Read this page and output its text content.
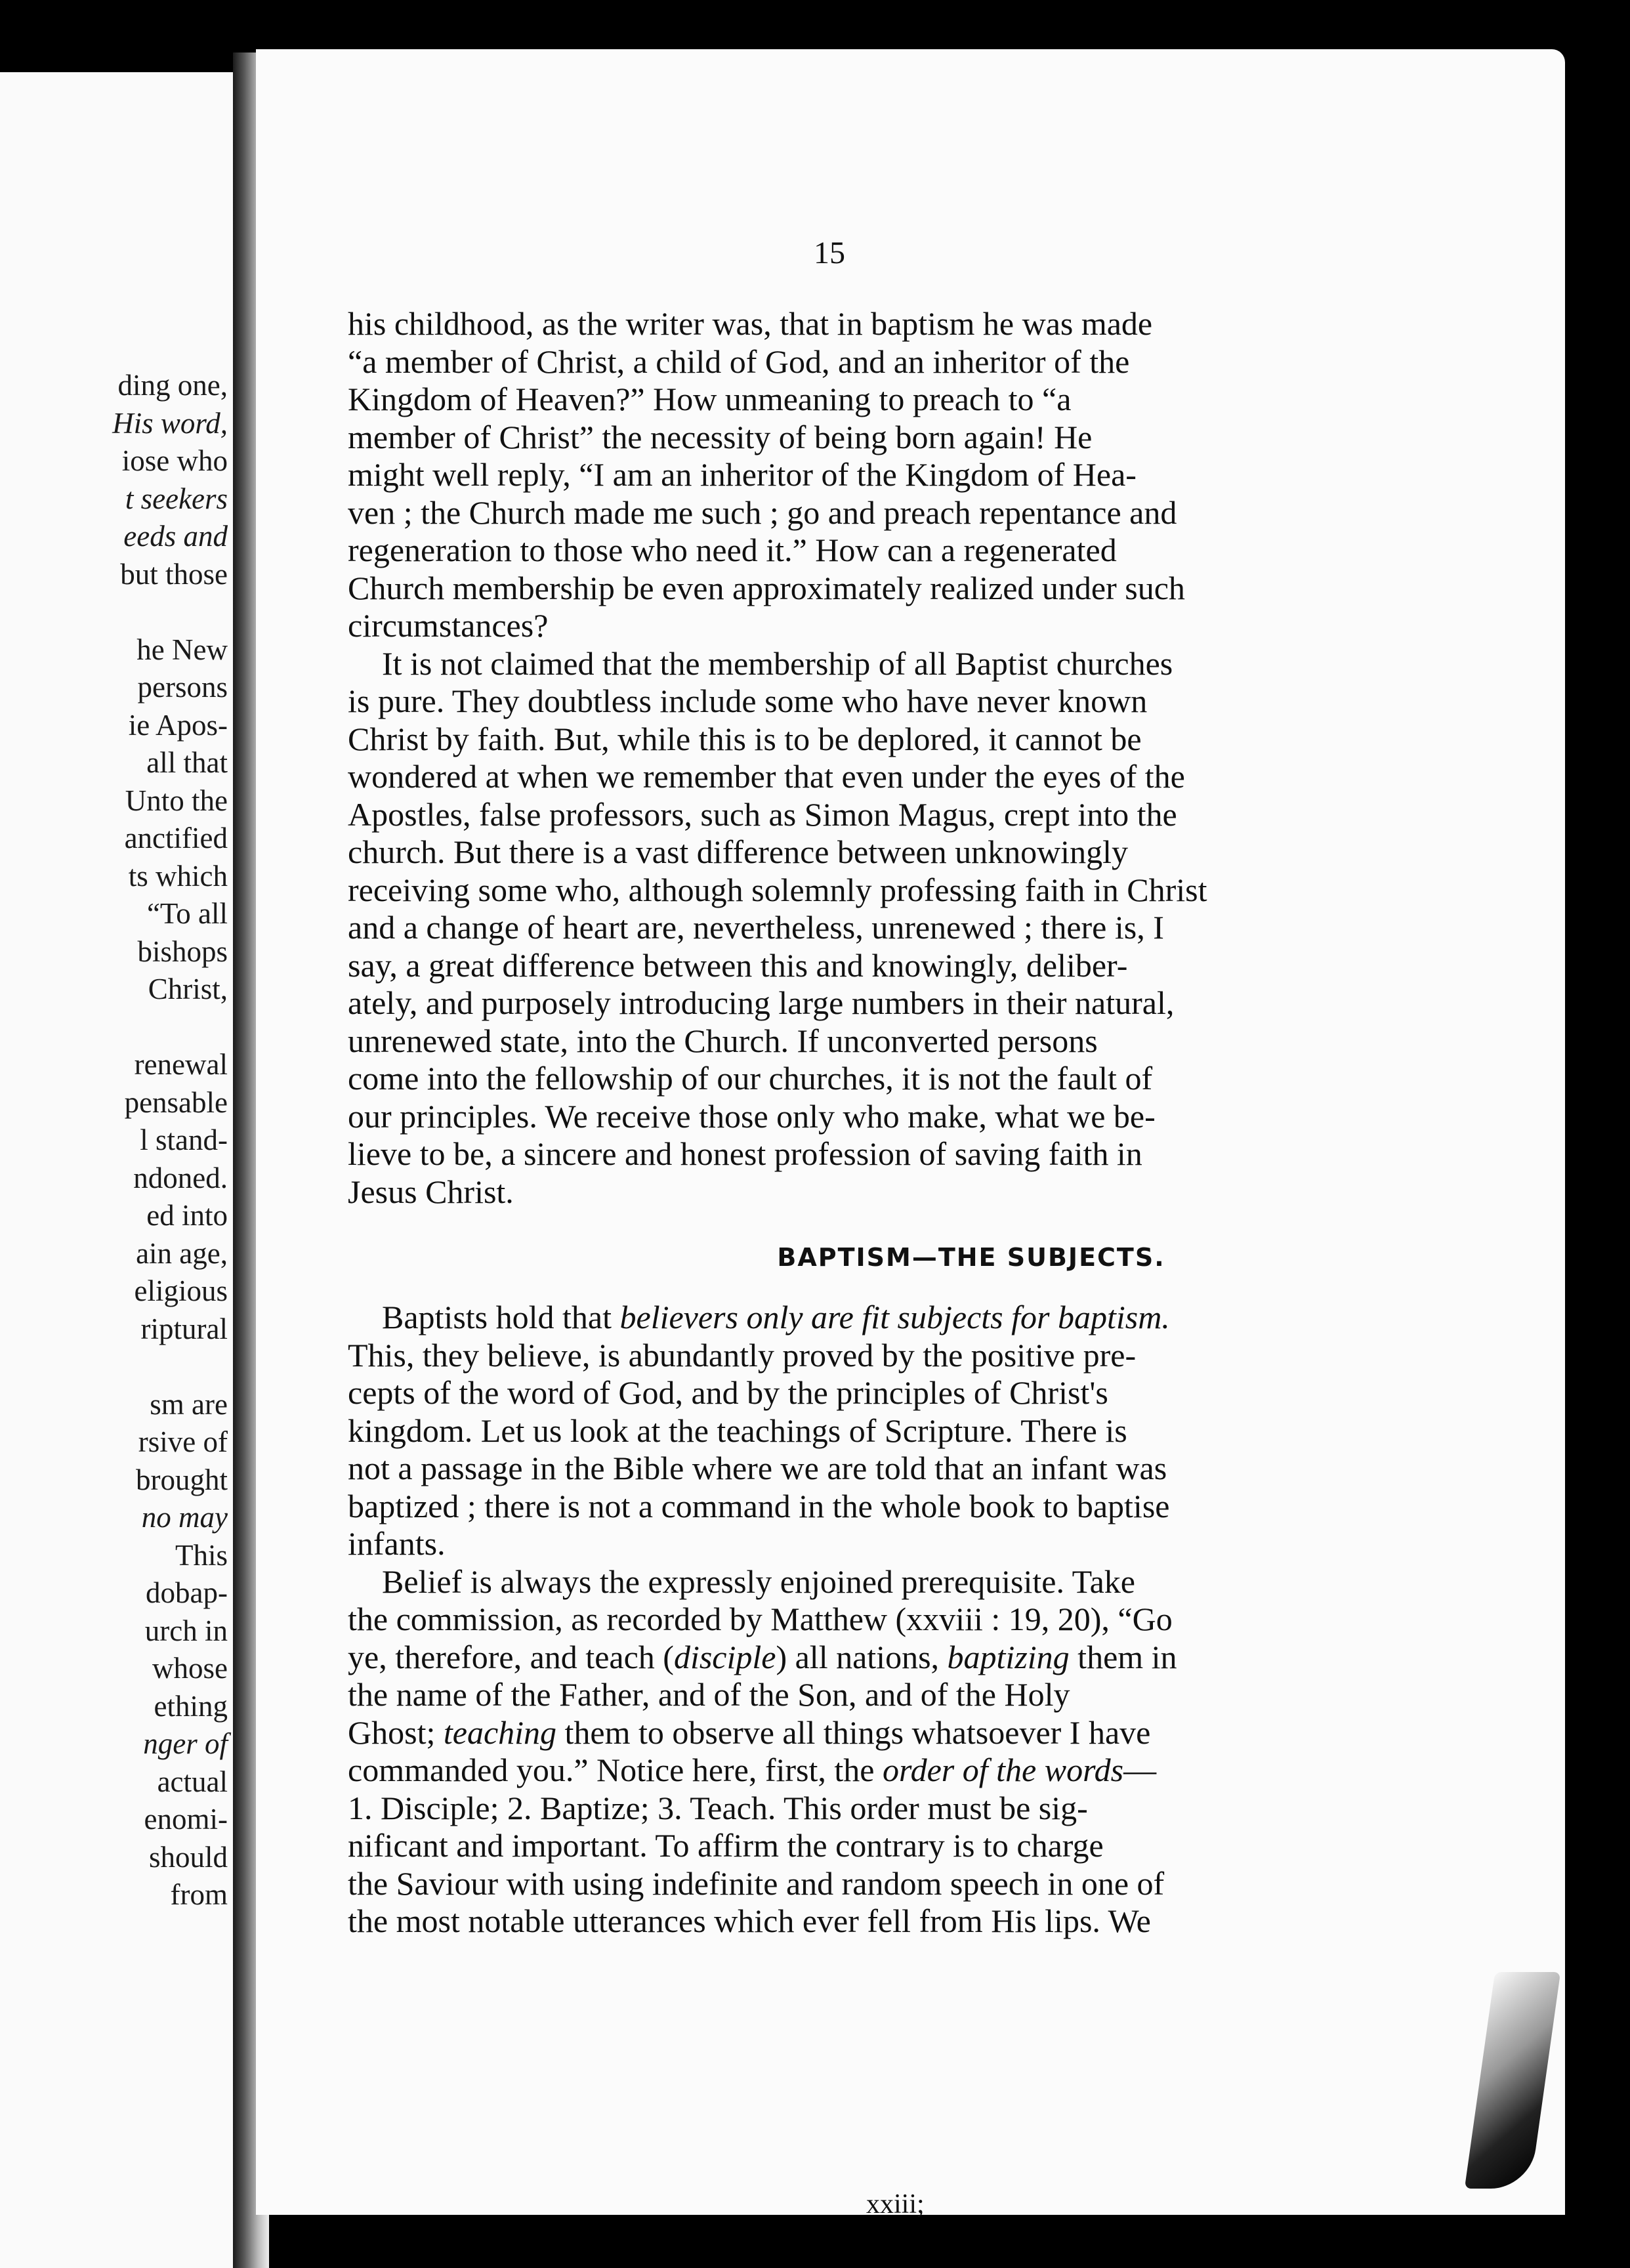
ding one,
His word,
iose who
t seekers
eeds and
but those
he New
persons
ie Apos-
all that
Unto the
anctified
ts which
“To all
bishops
Christ,
renewal
pensable
l stand-
ndoned.
ed into
ain age,
eligious
riptural
sm are
rsive of
brought
no may
This
dobap-
urch in
whose
ething
nger of
actual
enomi-
should
from
15
his childhood, as the writer was, that in baptism he was made
“a member of Christ, a child of God, and an inheritor of the
Kingdom of Heaven?” How unmeaning to preach to “a
member of Christ” the necessity of being born again! He
might well reply, “I am an inheritor of the Kingdom of Hea-
ven ; the Church made me such ; go and preach repentance and
regeneration to those who need it.” How can a regenerated
Church membership be even approximately realized under such
circumstances?
It is not claimed that the membership of all Baptist churches
is pure. They doubtless include some who have never known
Christ by faith. But, while this is to be deplored, it cannot be
wondered at when we remember that even under the eyes of the
Apostles, false professors, such as Simon Magus, crept into the
church. But there is a vast difference between unknowingly
receiving some who, although solemnly professing faith in Christ
and a change of heart are, nevertheless, unrenewed ; there is, I
say, a great difference between this and knowingly, deliber-
ately, and purposely introducing large numbers in their natural,
unrenewed state, into the Church. If unconverted persons
come into the fellowship of our churches, it is not the fault of
our principles. We receive those only who make, what we be-
lieve to be, a sincere and honest profession of saving faith in
Jesus Christ.
BAPTISM—THE SUBJECTS.
Baptists hold that believers only are fit subjects for baptism.
This, they believe, is abundantly proved by the positive pre-
cepts of the word of God, and by the principles of Christ's
kingdom. Let us look at the teachings of Scripture. There is
not a passage in the Bible where we are told that an infant was
baptized ; there is not a command in the whole book to baptise
infants.
Belief is always the expressly enjoined prerequisite. Take
the commission, as recorded by Matthew (xxviii : 19, 20), “Go
ye, therefore, and teach (disciple) all nations, baptizing them in
the name of the Father, and of the Son, and of the Holy
Ghost; teaching them to observe all things whatsoever I have
commanded you.” Notice here, first, the order of the words—
1. Disciple; 2. Baptize; 3. Teach. This order must be sig-
nificant and important. To affirm the contrary is to charge
the Saviour with using indefinite and random speech in one of
the most notable utterances which ever fell from His lips. We
xxiii;
